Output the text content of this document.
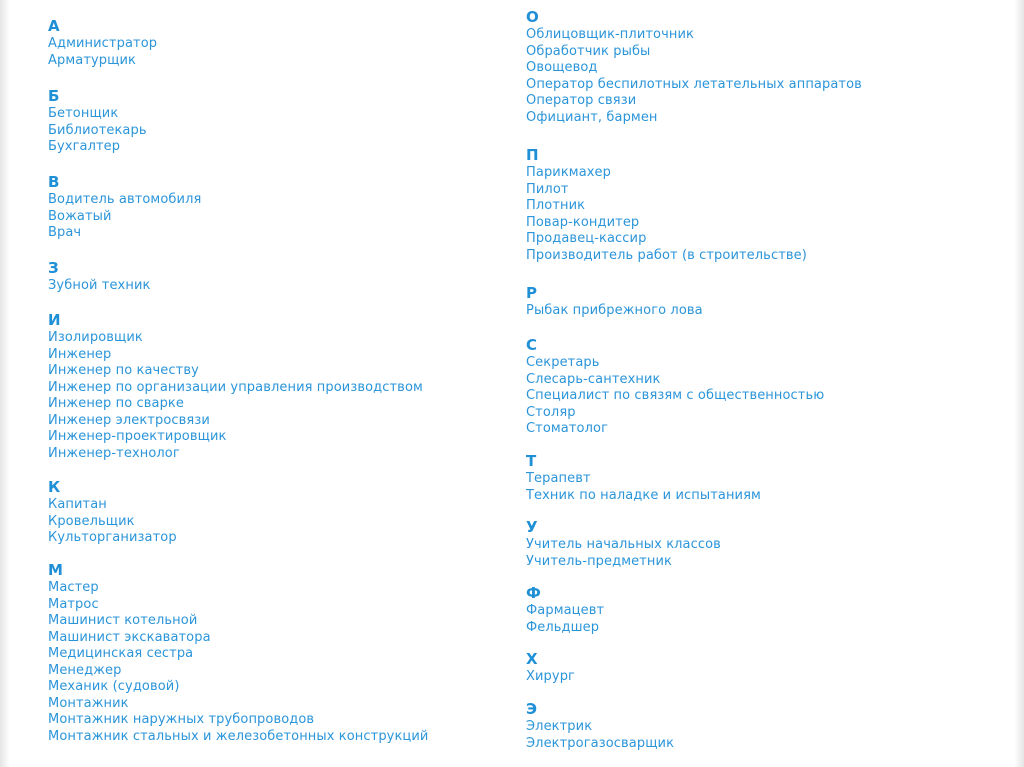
А
Администратор
Арматурщик
Б
Бетонщик
Библиотекарь
Бухгалтер
В
Водитель автомобиля
Вожатый
Врач
З
Зубной техник
И
Изолировщик
Инженер
Инженер по качеству
Инженер по организации управления производством
Инженер по сварке
Инженер электросвязи
Инженер-проектировщик
Инженер-технолог
К
Капитан
Кровельщик
Культорганизатор
М
Мастер
Матрос
Машинист котельной
Машинист экскаватора
Медицинская сестра
Менеджер
Механик (судовой)
Монтажник
Монтажник наружных трубопроводов
Монтажник стальных и железобетонных конструкций
О
Облицовщик-плиточник
Обработчик рыбы
Овощевод
Оператор беспилотных летательных аппаратов
Оператор связи
Официант, бармен
П
Парикмахер
Пилот
Плотник
Повар-кондитер
Продавец-кассир
Производитель работ (в строительстве)
Р
Рыбак прибрежного лова
С
Секретарь
Слесарь-сантехник
Специалист по связям с общественностью
Столяр
Стоматолог
Т
Терапевт
Техник по наладке и испытаниям
У
Учитель начальных классов
Учитель-предметник
Ф
Фармацевт
Фельдшер
Х
Хирург
Э
Электрик
Электрогазосварщик
